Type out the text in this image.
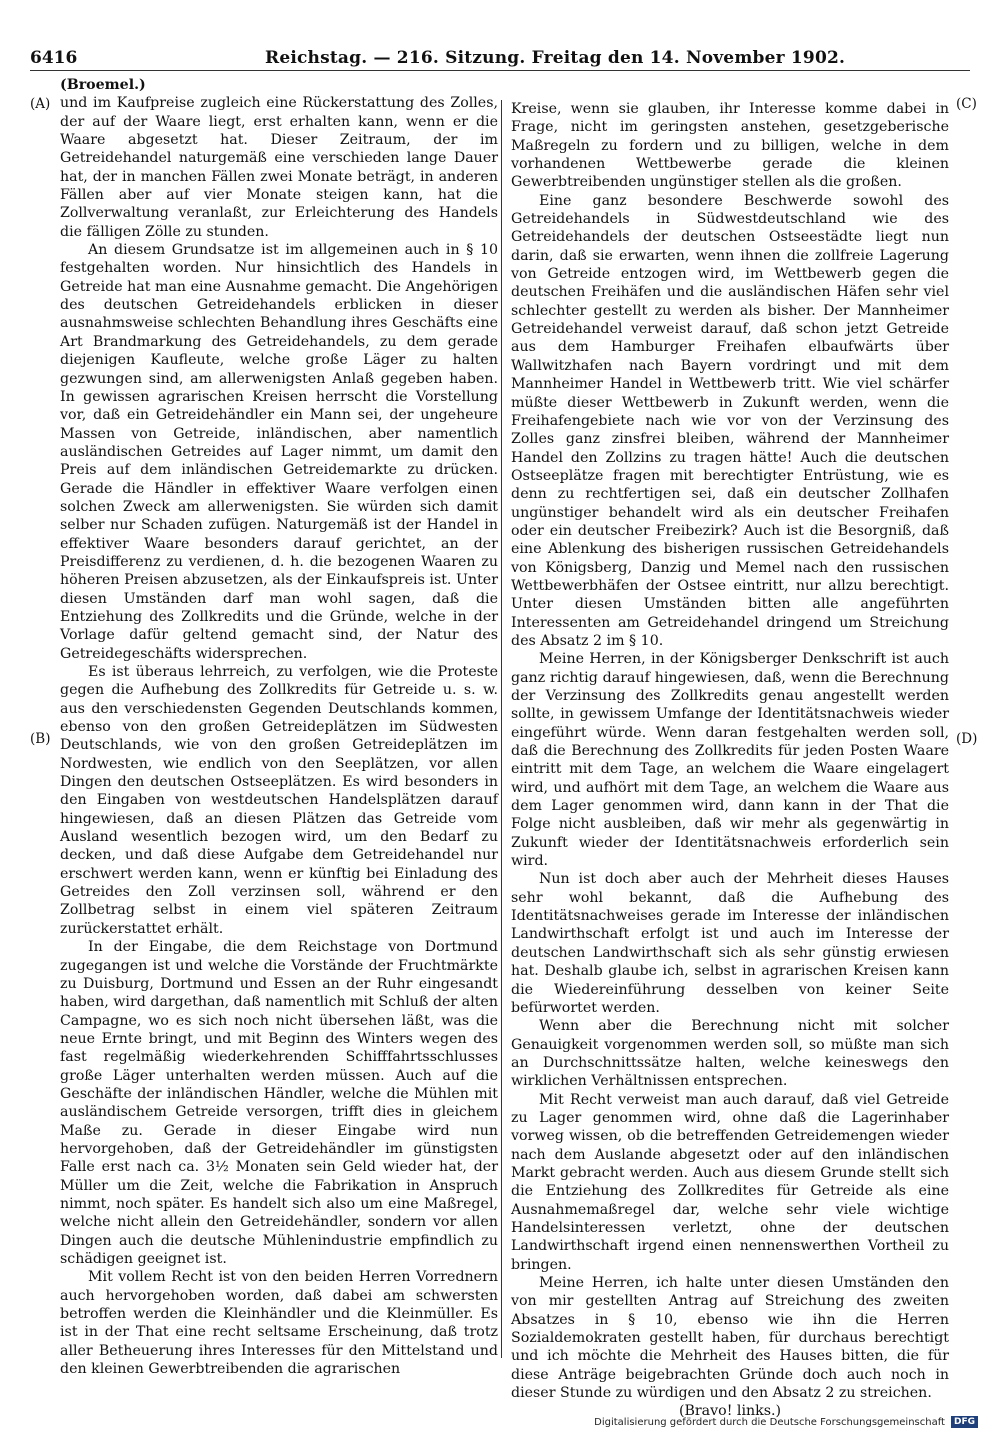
6416	Reichstag. — 216. Sitzung. Freitag den 14. November 1902.
(A)
(B)
(C)
(D)

(Broemel.)

und im Kaufpreise zugleich eine Rückerstattung des Zolles, der auf der Waare liegt, erst erhalten kann, wenn er die Waare abgesetzt hat. Dieser Zeitraum, der im Getreidehandel naturgemäß eine verschieden lange Dauer hat, der in manchen Fällen zwei Monate beträgt, in anderen Fällen aber auf vier Monate steigen kann, hat die Zollverwaltung veranlaßt, zur Erleichterung des Handels die fälligen Zölle zu stunden.

An diesem Grundsatze ist im allgemeinen auch in § 10 festgehalten worden. Nur hinsichtlich des Handels in Getreide hat man eine Ausnahme gemacht. Die Angehörigen des deutschen Getreidehandels erblicken in dieser ausnahmsweise schlechten Behandlung ihres Geschäfts eine Art Brandmarkung des Getreidehandels, zu dem gerade diejenigen Kaufleute, welche große Läger zu halten gezwungen sind, am allerwenigsten Anlaß gegeben haben. In gewissen agrarischen Kreisen herrscht die Vorstellung vor, daß ein Getreidehändler ein Mann sei, der ungeheure Massen von Getreide, inländischen, aber namentlich ausländischen Getreides auf Lager nimmt, um damit den Preis auf dem inländischen Getreidemarkte zu drücken. Gerade die Händler in effektiver Waare verfolgen einen solchen Zweck am allerwenigsten. Sie würden sich damit selber nur Schaden zufügen. Naturgemäß ist der Handel in effektiver Waare besonders darauf gerichtet, an der Preisdifferenz zu verdienen, d. h. die bezogenen Waaren zu höheren Preisen abzusetzen, als der Einkaufspreis ist. Unter diesen Umständen darf man wohl sagen, daß die Entziehung des Zollkredits und die Gründe, welche in der Vorlage dafür geltend gemacht sind, der Natur des Getreidegeschäfts widersprechen.

Es ist überaus lehrreich, zu verfolgen, wie die Proteste gegen die Aufhebung des Zollkredits für Getreide u. s. w. aus den verschiedensten Gegenden Deutschlands kommen, ebenso von den großen Getreideplätzen im Südwesten Deutschlands, wie von den großen Getreideplätzen im Nordwesten, wie endlich von den Seeplätzen, vor allen Dingen den deutschen Ostseeplätzen. Es wird besonders in den Eingaben von westdeutschen Handelsplätzen darauf hingewiesen, daß an diesen Plätzen das Getreide vom Ausland wesentlich bezogen wird, um den Bedarf zu decken, und daß diese Aufgabe dem Getreidehandel nur erschwert werden kann, wenn er künftig bei Einladung des Getreides den Zoll verzinsen soll, während er den Zollbetrag selbst in einem viel späteren Zeitraum zurückerstattet erhält.

In der Eingabe, die dem Reichstage von Dortmund zugegangen ist und welche die Vorstände der Fruchtmärkte zu Duisburg, Dortmund und Essen an der Ruhr eingesandt haben, wird dargethan, daß namentlich mit Schluß der alten Campagne, wo es sich noch nicht übersehen läßt, was die neue Ernte bringt, und mit Beginn des Winters wegen des fast regelmäßig wiederkehrenden Schifffahrtsschlusses große Läger unterhalten werden müssen. Auch auf die Geschäfte der inländischen Händler, welche die Mühlen mit ausländischem Getreide versorgen, trifft dies in gleichem Maße zu. Gerade in dieser Eingabe wird nun hervorgehoben, daß der Getreidehändler im günstigsten Falle erst nach ca. 3½ Monaten sein Geld wieder hat, der Müller um die Zeit, welche die Fabrikation in Anspruch nimmt, noch später. Es handelt sich also um eine Maßregel, welche nicht allein den Getreidehändler, sondern vor allen Dingen auch die deutsche Mühlenindustrie empfindlich zu schädigen geeignet ist.

Mit vollem Recht ist von den beiden Herren Vorrednern auch hervorgehoben worden, daß dabei am schwersten betroffen werden die Kleinhändler und die Kleinmüller. Es ist in der That eine recht seltsame Erscheinung, daß trotz aller Betheuerung ihres Interesses für den Mittelstand und den kleinen Gewerbtreibenden die agrarischen

Kreise, wenn sie glauben, ihr Interesse komme dabei in Frage, nicht im geringsten anstehen, gesetzgeberische Maßregeln zu fordern und zu billigen, welche in dem vorhandenen Wettbewerbe gerade die kleinen Gewerbtreibenden ungünstiger stellen als die großen.

Eine ganz besondere Beschwerde sowohl des Getreidehandels in Südwestdeutschland wie des Getreidehandels der deutschen Ostseestädte liegt nun darin, daß sie erwarten, wenn ihnen die zollfreie Lagerung von Getreide entzogen wird, im Wettbewerb gegen die deutschen Freihäfen und die ausländischen Häfen sehr viel schlechter gestellt zu werden als bisher. Der Mannheimer Getreidehandel verweist darauf, daß schon jetzt Getreide aus dem Hamburger Freihafen elbaufwärts über Wallwitzhafen nach Bayern vordringt und mit dem Mannheimer Handel in Wettbewerb tritt. Wie viel schärfer müßte dieser Wettbewerb in Zukunft werden, wenn die Freihafengebiete nach wie vor von der Verzinsung des Zolles ganz zinsfrei bleiben, während der Mannheimer Handel den Zollzins zu tragen hätte! Auch die deutschen Ostseeplätze fragen mit berechtigter Entrüstung, wie es denn zu rechtfertigen sei, daß ein deutscher Zollhafen ungünstiger behandelt wird als ein deutscher Freihafen oder ein deutscher Freibezirk? Auch ist die Besorgniß, daß eine Ablenkung des bisherigen russischen Getreidehandels von Königsberg, Danzig und Memel nach den russischen Wettbewerbhäfen der Ostsee eintritt, nur allzu berechtigt. Unter diesen Umständen bitten alle angeführten Interessenten am Getreidehandel dringend um Streichung des Absatz 2 im § 10.

Meine Herren, in der Königsberger Denkschrift ist auch ganz richtig darauf hingewiesen, daß, wenn die Berechnung der Verzinsung des Zollkredits genau angestellt werden sollte, in gewissem Umfange der Identitätsnachweis wieder eingeführt würde. Wenn daran festgehalten werden soll, daß die Berechnung des Zollkredits für jeden Posten Waare eintritt mit dem Tage, an welchem die Waare eingelagert wird, und aufhört mit dem Tage, an welchem die Waare aus dem Lager genommen wird, dann kann in der That die Folge nicht ausbleiben, daß wir mehr als gegenwärtig in Zukunft wieder der Identitätsnachweis erforderlich sein wird.

Nun ist doch aber auch der Mehrheit dieses Hauses sehr wohl bekannt, daß die Aufhebung des Identitätsnachweises gerade im Interesse der inländischen Landwirthschaft erfolgt ist und auch im Interesse der deutschen Landwirthschaft sich als sehr günstig erwiesen hat. Deshalb glaube ich, selbst in agrarischen Kreisen kann die Wiedereinführung desselben von keiner Seite befürwortet werden.

Wenn aber die Berechnung nicht mit solcher Genauigkeit vorgenommen werden soll, so müßte man sich an Durchschnittssätze halten, welche keineswegs den wirklichen Verhältnissen entsprechen.

Mit Recht verweist man auch darauf, daß viel Getreide zu Lager genommen wird, ohne daß die Lagerinhaber vorweg wissen, ob die betreffenden Getreidemengen wieder nach dem Auslande abgesetzt oder auf den inländischen Markt gebracht werden. Auch aus diesem Grunde stellt sich die Entziehung des Zollkredites für Getreide als eine Ausnahmemaßregel dar, welche sehr viele wichtige Handelsinteressen verletzt, ohne der deutschen Landwirthschaft irgend einen nennenswerthen Vortheil zu bringen.

Meine Herren, ich halte unter diesen Umständen den von mir gestellten Antrag auf Streichung des zweiten Absatzes in § 10, ebenso wie ihn die Herren Sozialdemokraten gestellt haben, für durchaus berechtigt und ich möchte die Mehrheit des Hauses bitten, die für diese Anträge beigebrachten Gründe doch auch noch in dieser Stunde zu würdigen und den Absatz 2 zu streichen.

(Bravo! links.)

Digitalisierung gefördert durch die Deutsche Forschungsgemeinschaft	DFG
